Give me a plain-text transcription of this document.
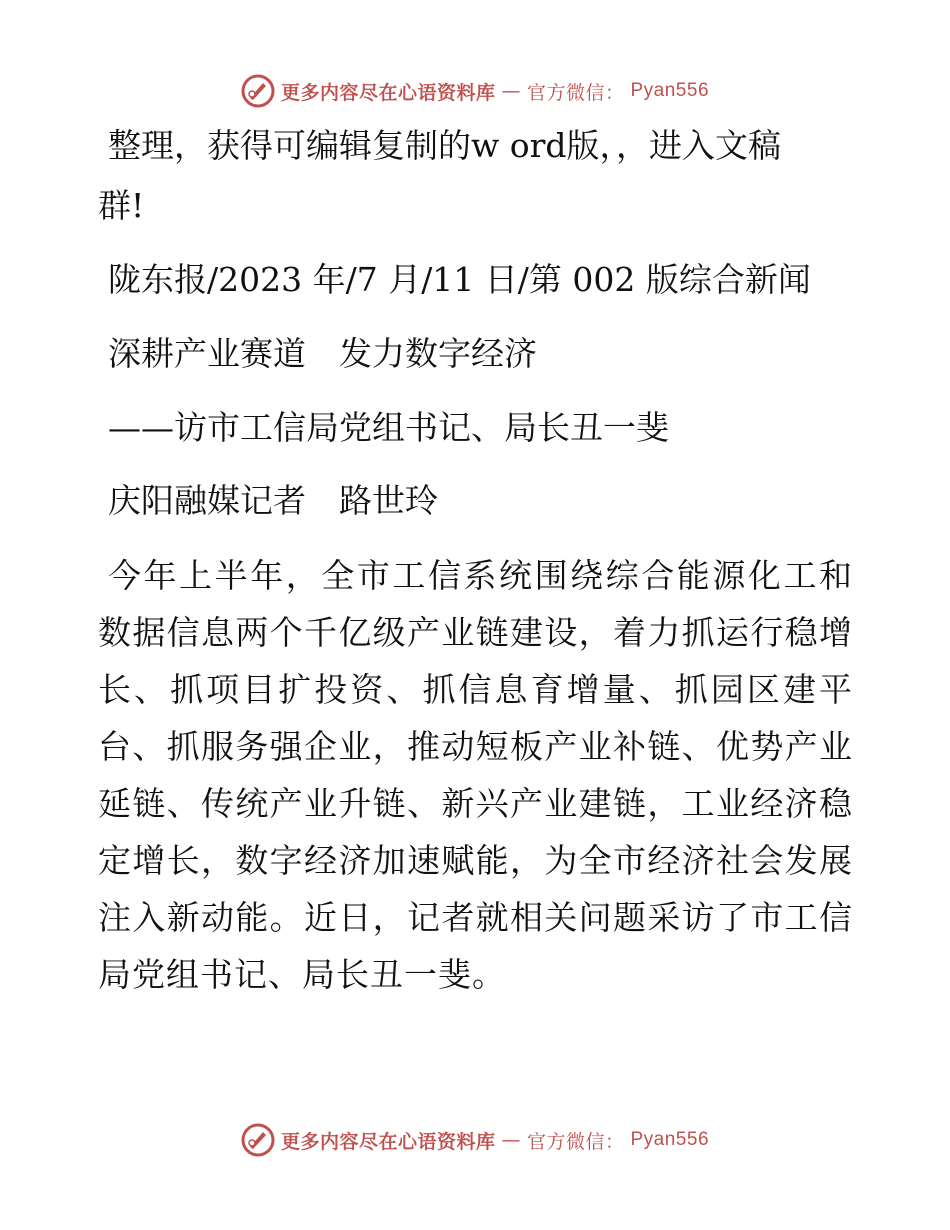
更多内容尽在心语资料库 — 官方微信： Pyan556
整理，获得可编辑复制的w ord版，，进入文稿
群!
陇东报/2023 年/7 月/11 日/第 002 版综合新闻
深耕产业赛道　发力数字经济
——访市工信局党组书记、局长丑一斐
庆阳融媒记者　路世玲
今年上半年，全市工信系统围绕综合能源化工和数据信息两个千亿级产业链建设，着力抓运行稳增长、抓项目扩投资、抓信息育增量、抓园区建平台、抓服务强企业，推动短板产业补链、优势产业延链、传统产业升链、新兴产业建链，工业经济稳定增长，数字经济加速赋能，为全市经济社会发展注入新动能。近日，记者就相关问题采访了市工信局党组书记、局长丑一斐。
更多内容尽在心语资料库 — 官方微信： Pyan556
